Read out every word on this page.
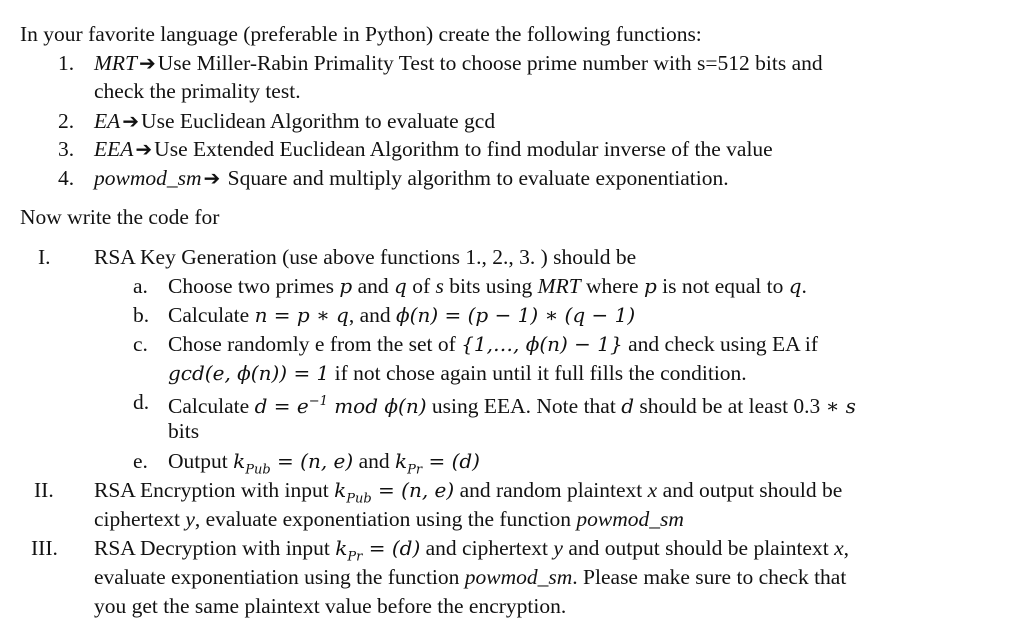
In your favorite language (preferable in Python) create the following functions:
1. MRT ➔Use Miller-Rabin Primality Test to choose prime number with s=512 bits and
check the primality test.
2. EA ➔Use Euclidean Algorithm to evaluate gcd
3. EEA ➔Use Extended Euclidean Algorithm to find modular inverse of the value
4. powmod_sm ➔ Square and multiply algorithm to evaluate exponentiation.
Now write the code for
I. RSA Key Generation (use above functions 1., 2., 3. ) should be
a. Choose two primes p and q of s bits using MRT where p is not equal to q.
b. Calculate n = p ∗ q, and ϕ(n) = (p − 1) ∗ (q − 1)
c. Chose randomly e from the set of {1,…, ϕ(n) − 1} and check using EA if
gcd(e, ϕ(n)) = 1 if not chose again until it full fills the condition.
d. Calculate $d = e^{-1}$ mod ϕ(n) using EEA. Note that d should be at least 0.3 ∗ s
bits
e. Output $k_{Pub} = (n$, e) and $k_{Pr} = (d)$
II. RSA Encryption with input $k_{Pub} = (n$, e) and random plaintext x and output should be
ciphertext y, evaluate exponentiation using the function powmod_sm
III. RSA Decryption with input $k_{Pr} = (d)$ and ciphertext y and output should be plaintext x,
evaluate exponentiation using the function powmod_sm. Please make sure to check that
you get the same plaintext value before the encryption.
